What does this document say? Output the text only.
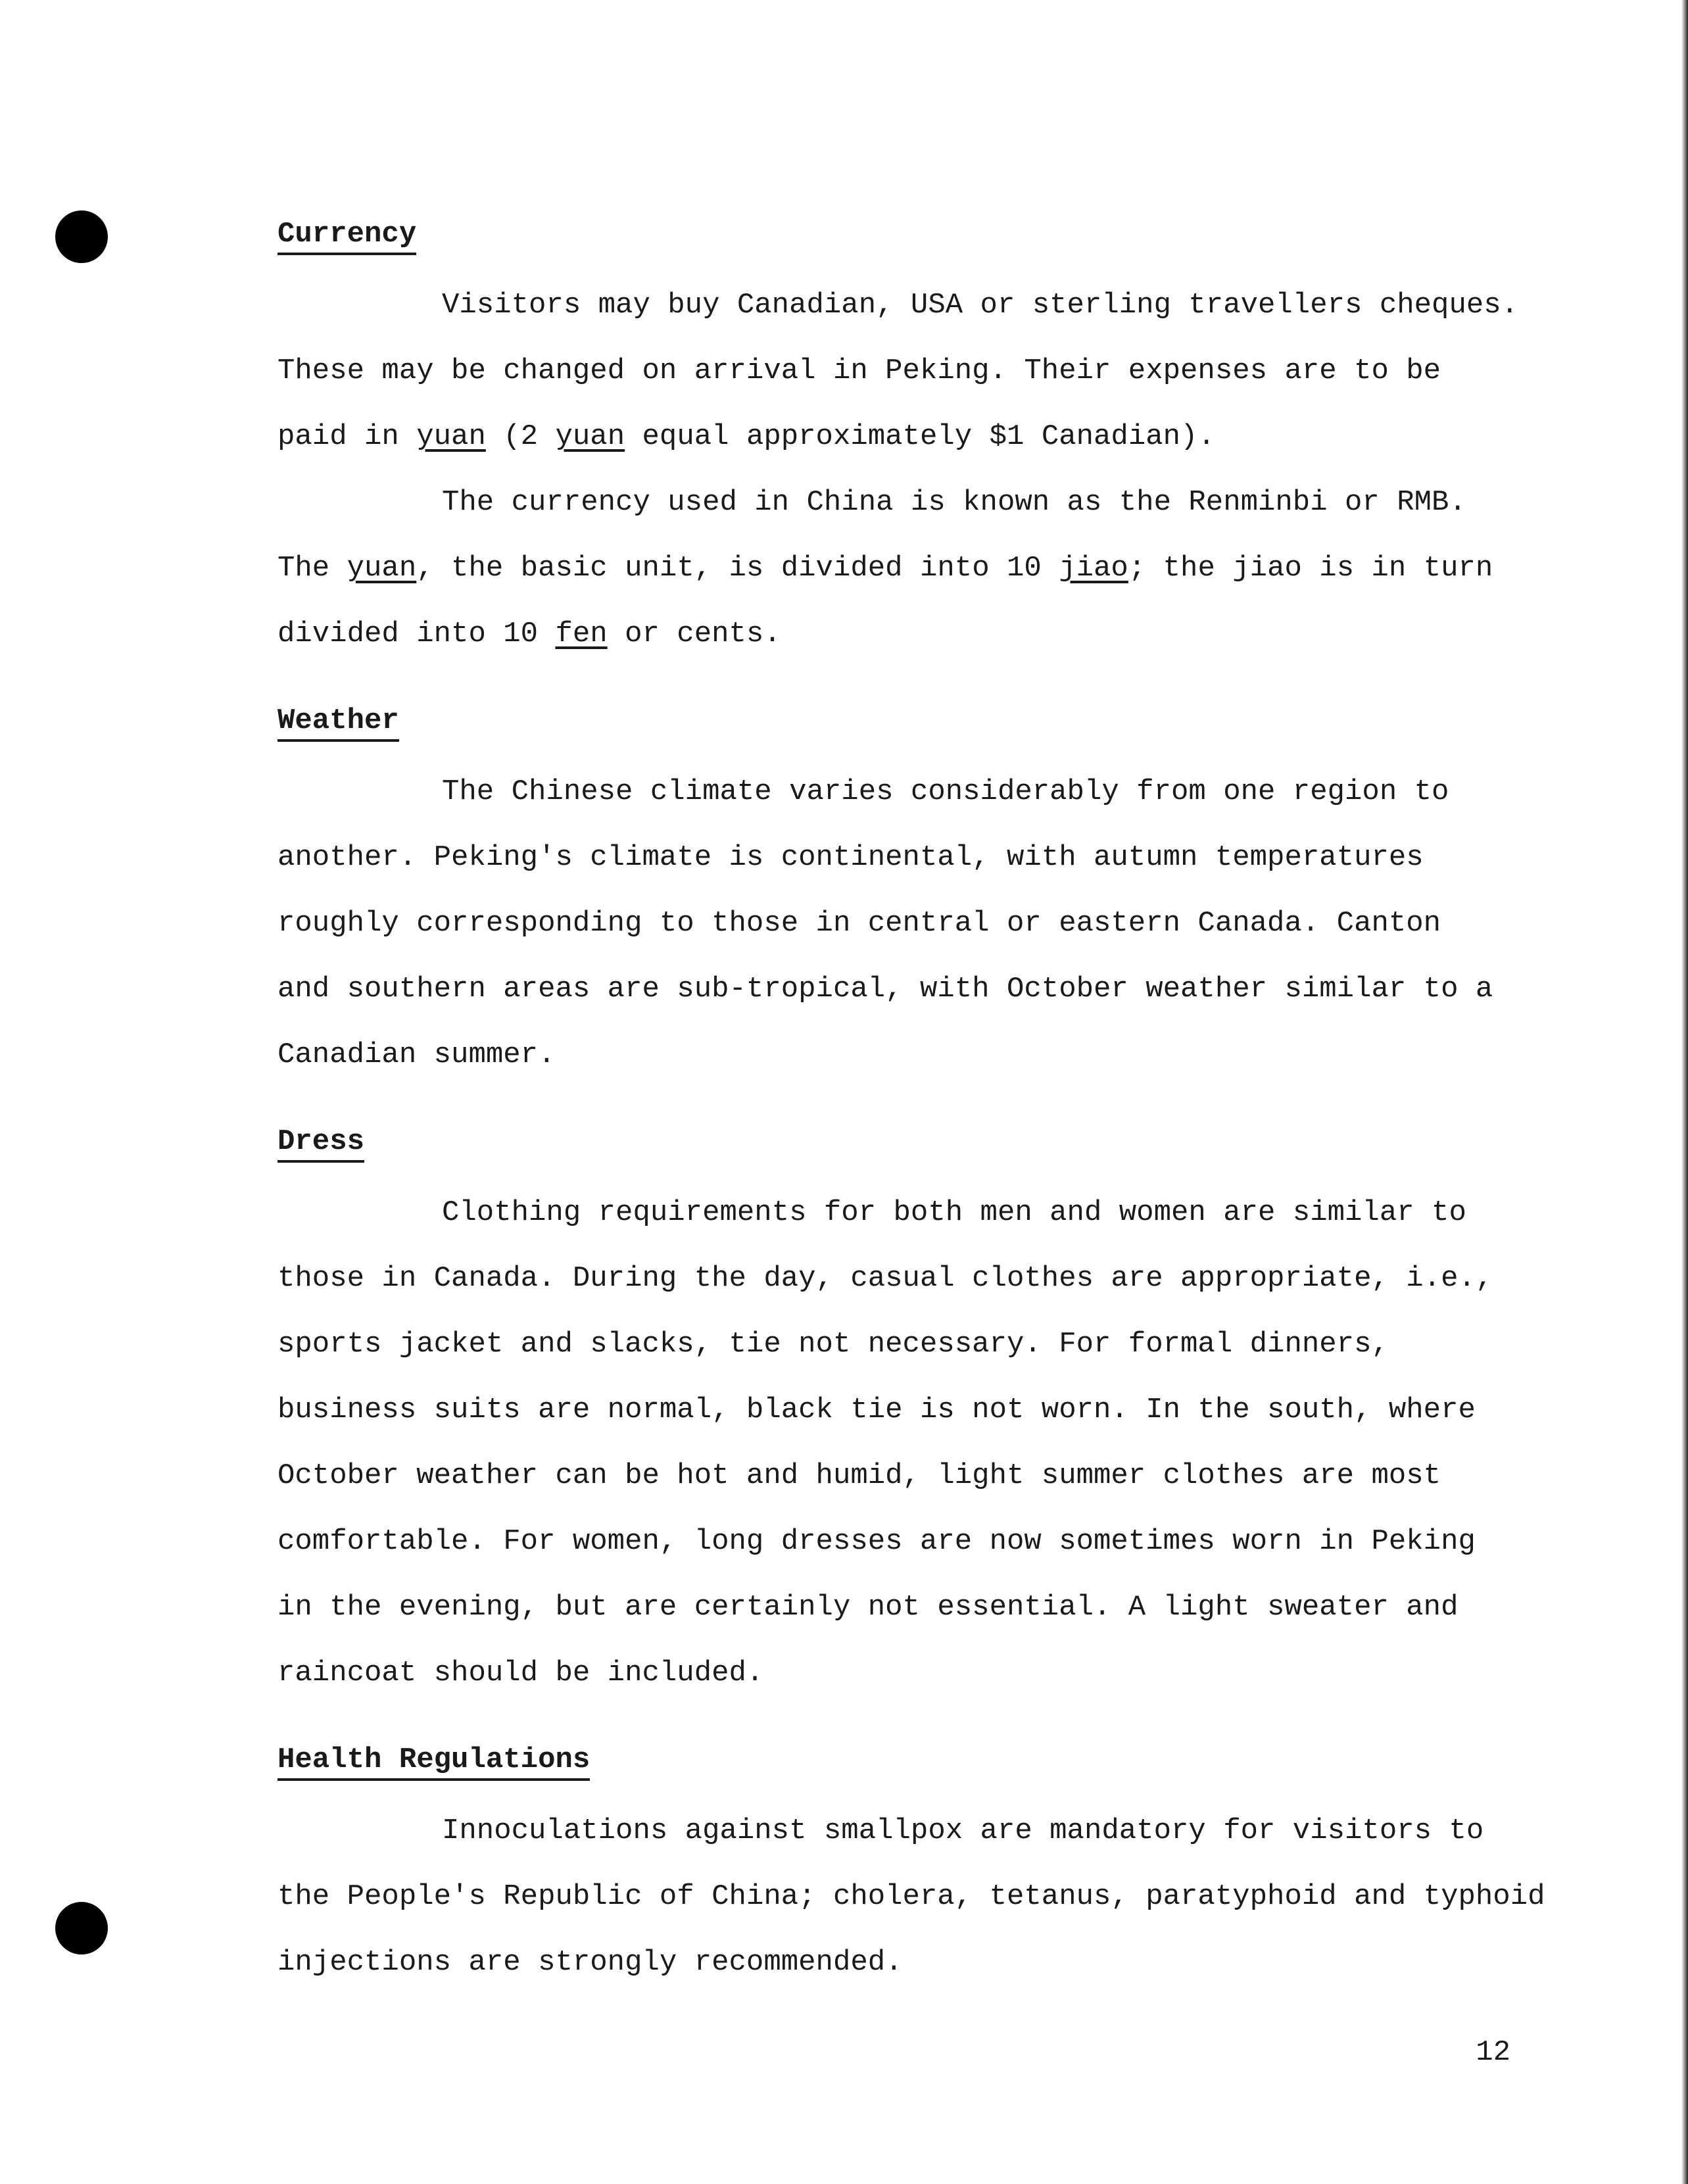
Currency

Visitors may buy Canadian, USA or sterling travellers cheques.
These may be changed on arrival in Peking. Their expenses are to be
paid in yuan (2 yuan equal approximately $1 Canadian).

The currency used in China is known as the Renminbi or RMB.
The yuan, the basic unit, is divided into 10 jiao; the jiao is in turn
divided into 10 fen or cents.

Weather

The Chinese climate varies considerably from one region to
another. Peking's climate is continental, with autumn temperatures
roughly corresponding to those in central or eastern Canada. Canton
and southern areas are sub-tropical, with October weather similar to a
Canadian summer.

Dress

Clothing requirements for both men and women are similar to
those in Canada. During the day, casual clothes are appropriate, i.e.,
sports jacket and slacks, tie not necessary. For formal dinners,
business suits are normal, black tie is not worn. In the south, where
October weather can be hot and humid, light summer clothes are most
comfortable. For women, long dresses are now sometimes worn in Peking
in the evening, but are certainly not essential. A light sweater and
raincoat should be included.

Health Regulations

Innoculations against smallpox are mandatory for visitors to
the People's Republic of China; cholera, tetanus, paratyphoid and typhoid
injections are strongly recommended.

12
